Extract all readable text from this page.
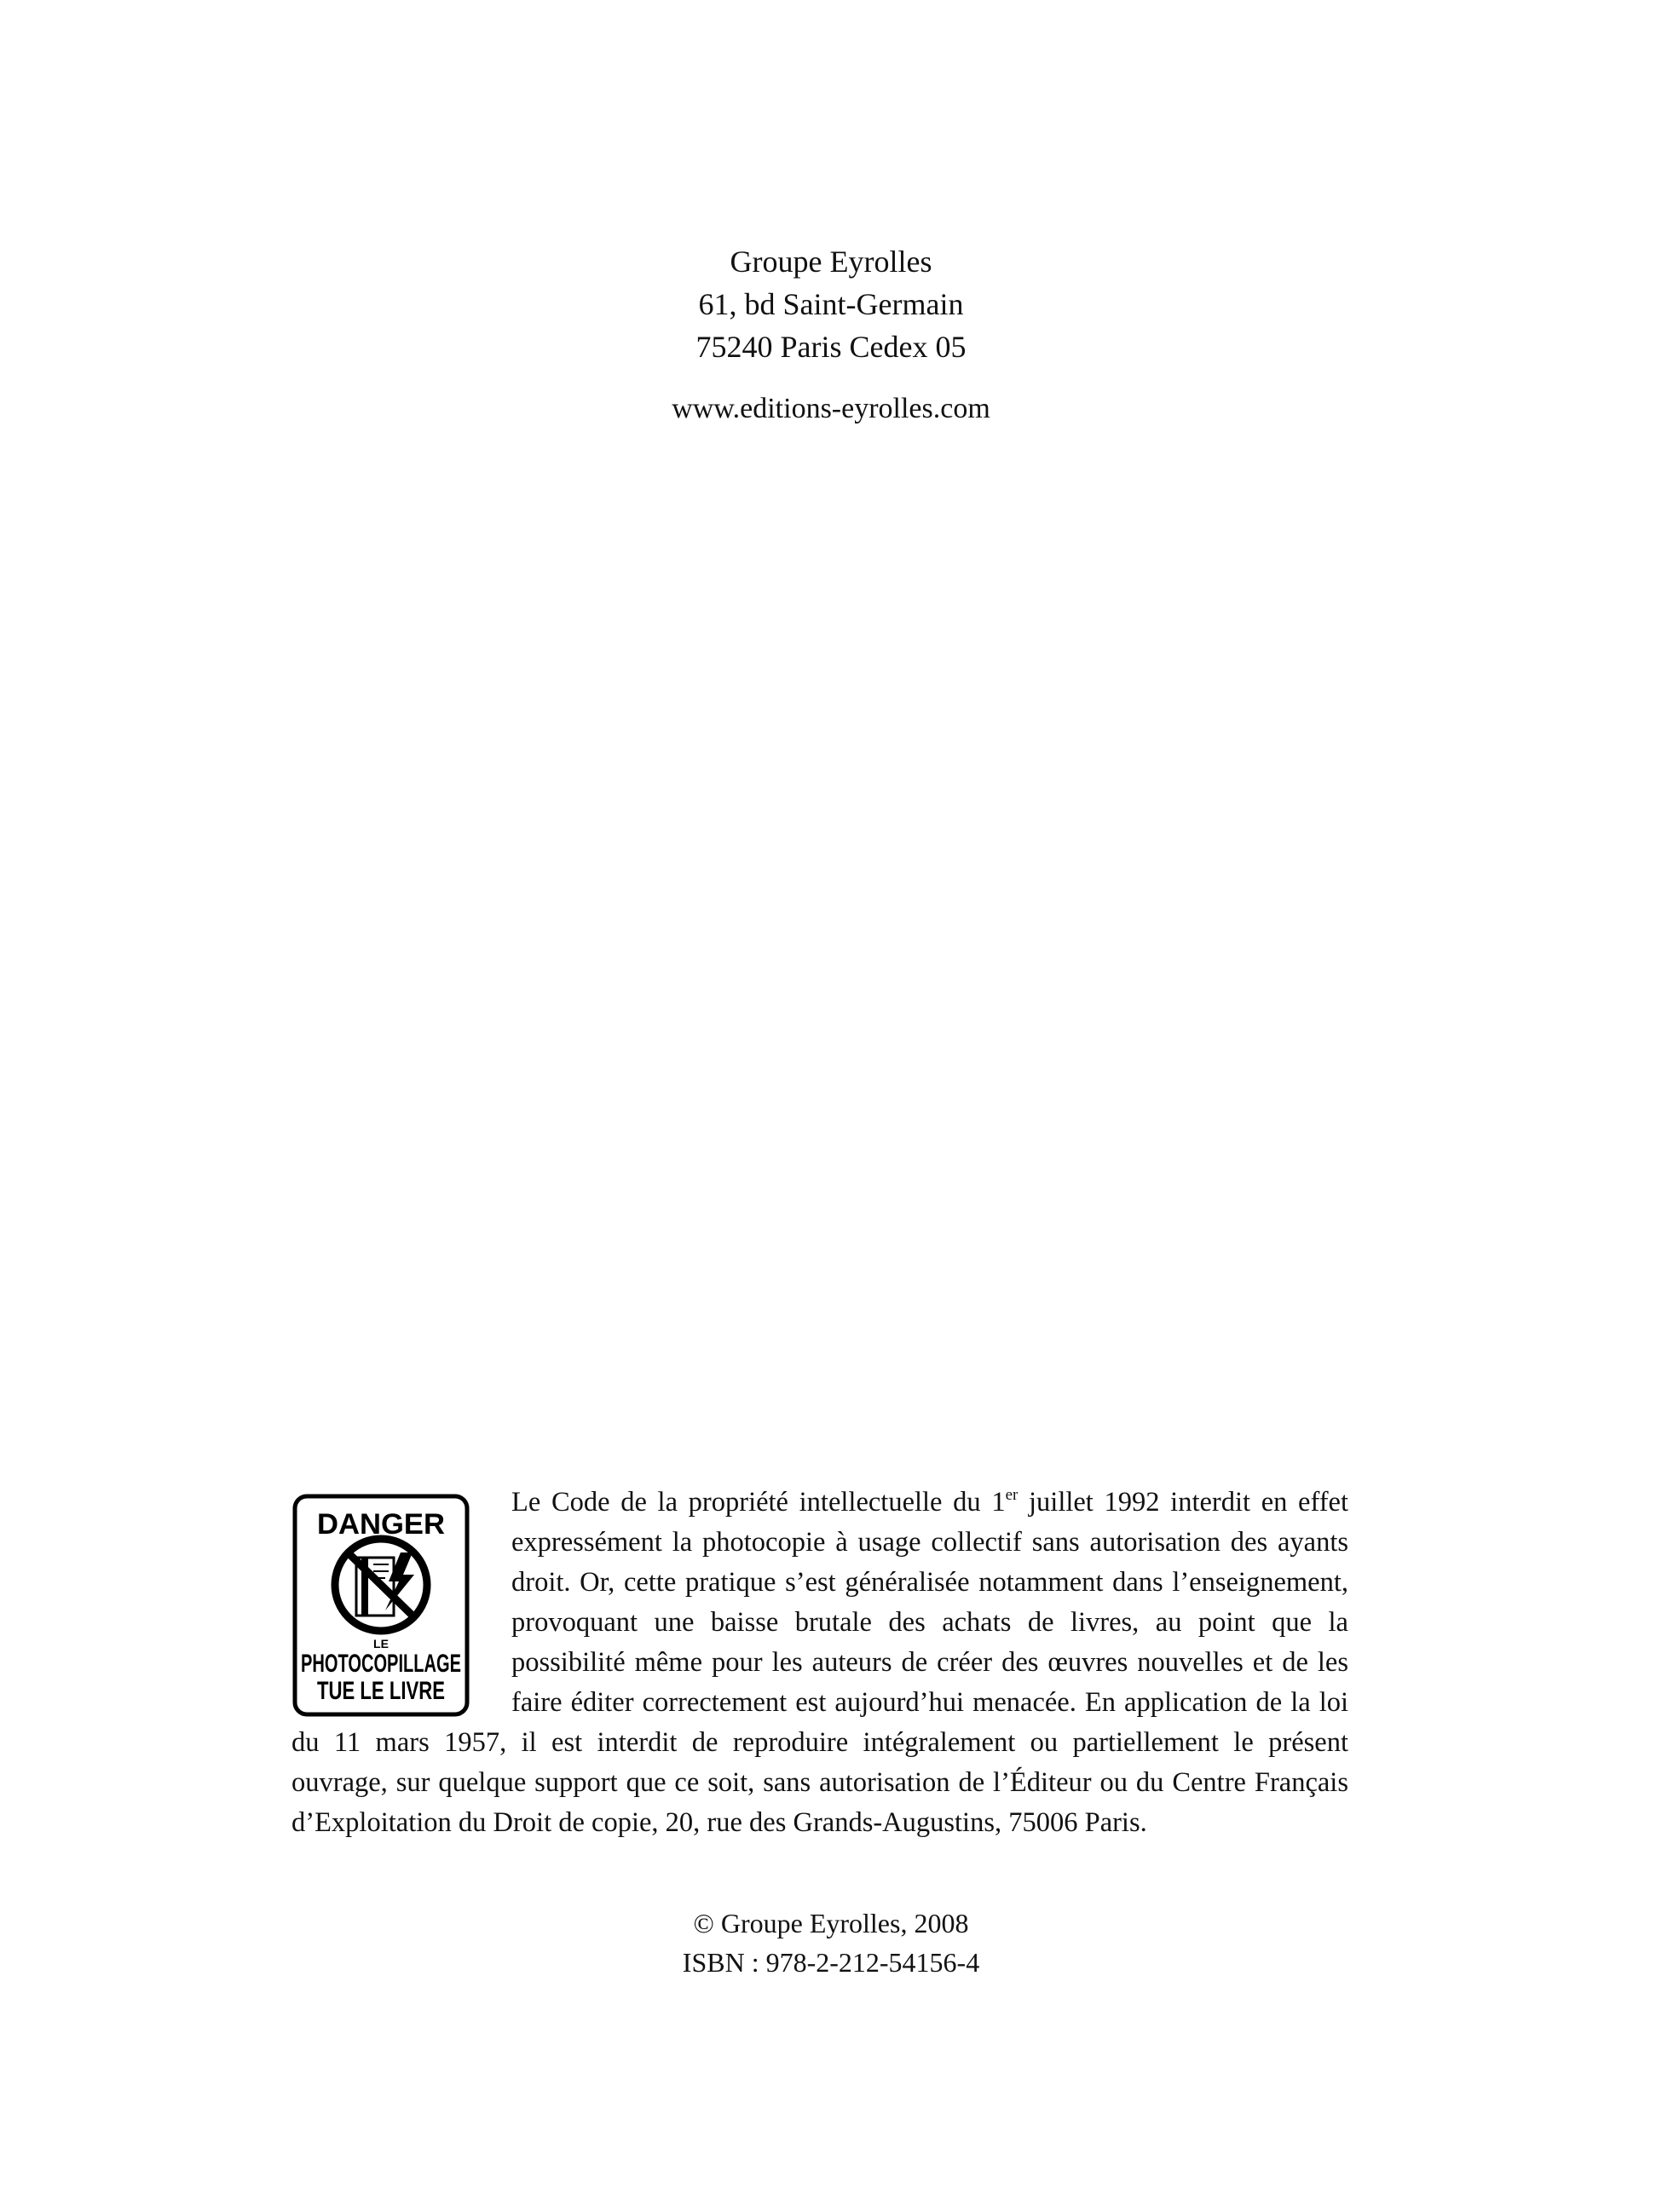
Groupe Eyrolles
61, bd Saint-Germain
75240 Paris Cedex 05
www.editions-eyrolles.com
DANGER
LE
PHOTOCOPILLAGE
TUE LE LIVRE
Le Code de la propriété intellectuelle du 1er juillet 1992 interdit en effet expressément la photocopie à usage collectif sans autorisation des ayants droit. Or, cette pratique s’est généralisée notamment dans l’enseignement, provoquant une baisse brutale des achats de livres, au point que la possibilité même pour les auteurs de créer des œuvres nouvelles et de les faire éditer correctement est aujourd’hui menacée. En application de la loi du 11 mars 1957, il est interdit de reproduire intégralement ou partiellement le présent ouvrage, sur quelque support que ce soit, sans autorisation de l’Éditeur ou du Centre Français d’Exploitation du Droit de copie, 20, rue des Grands-Augustins, 75006 Paris.
© Groupe Eyrolles, 2008
ISBN : 978-2-212-54156-4
